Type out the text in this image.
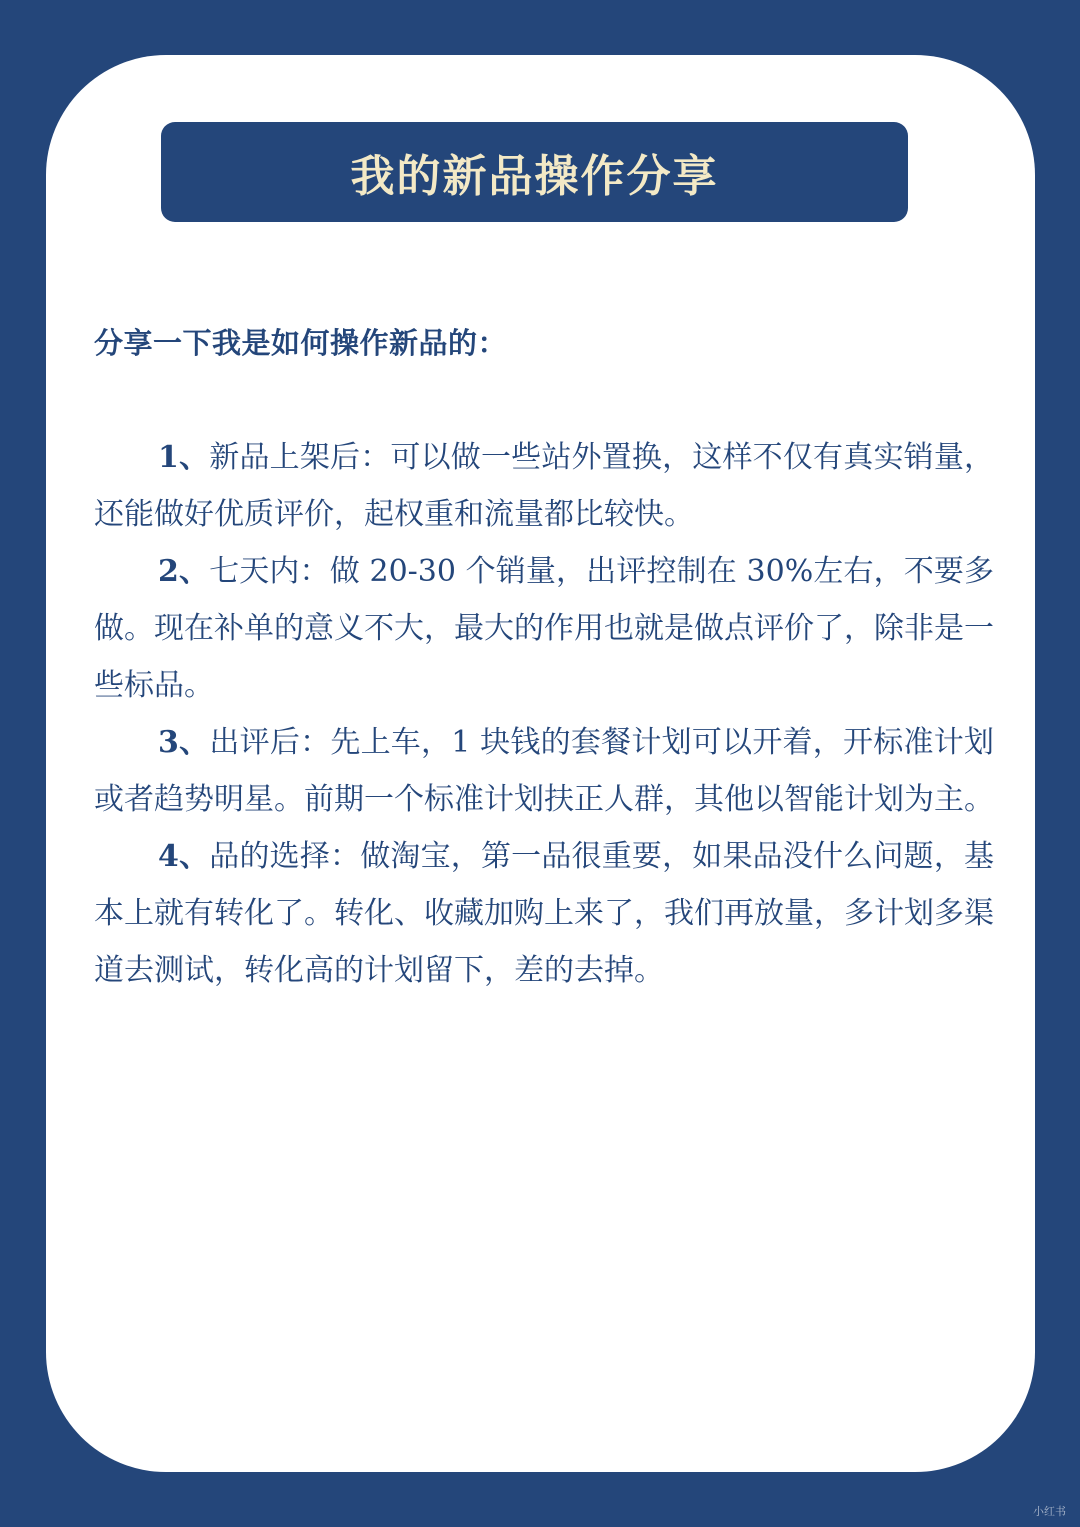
我的新品操作分享
分享一下我是如何操作新品的：

1、新品上架后：可以做一些站外置换，这样不仅有真实销量，还能做好优质评价，起权重和流量都比较快。

2、七天内：做 20-30 个销量，出评控制在 30%左右，不要多做。现在补单的意义不大，最大的作用也就是做点评价了，除非是一些标品。

3、出评后：先上车，1 块钱的套餐计划可以开着，开标准计划或者趋势明星。前期一个标准计划扶正人群，其他以智能计划为主。

4、品的选择：做淘宝，第一品很重要，如果品没什么问题，基本上就有转化了。转化、收藏加购上来了，我们再放量，多计划多渠道去测试，转化高的计划留下，差的去掉。

小红书
